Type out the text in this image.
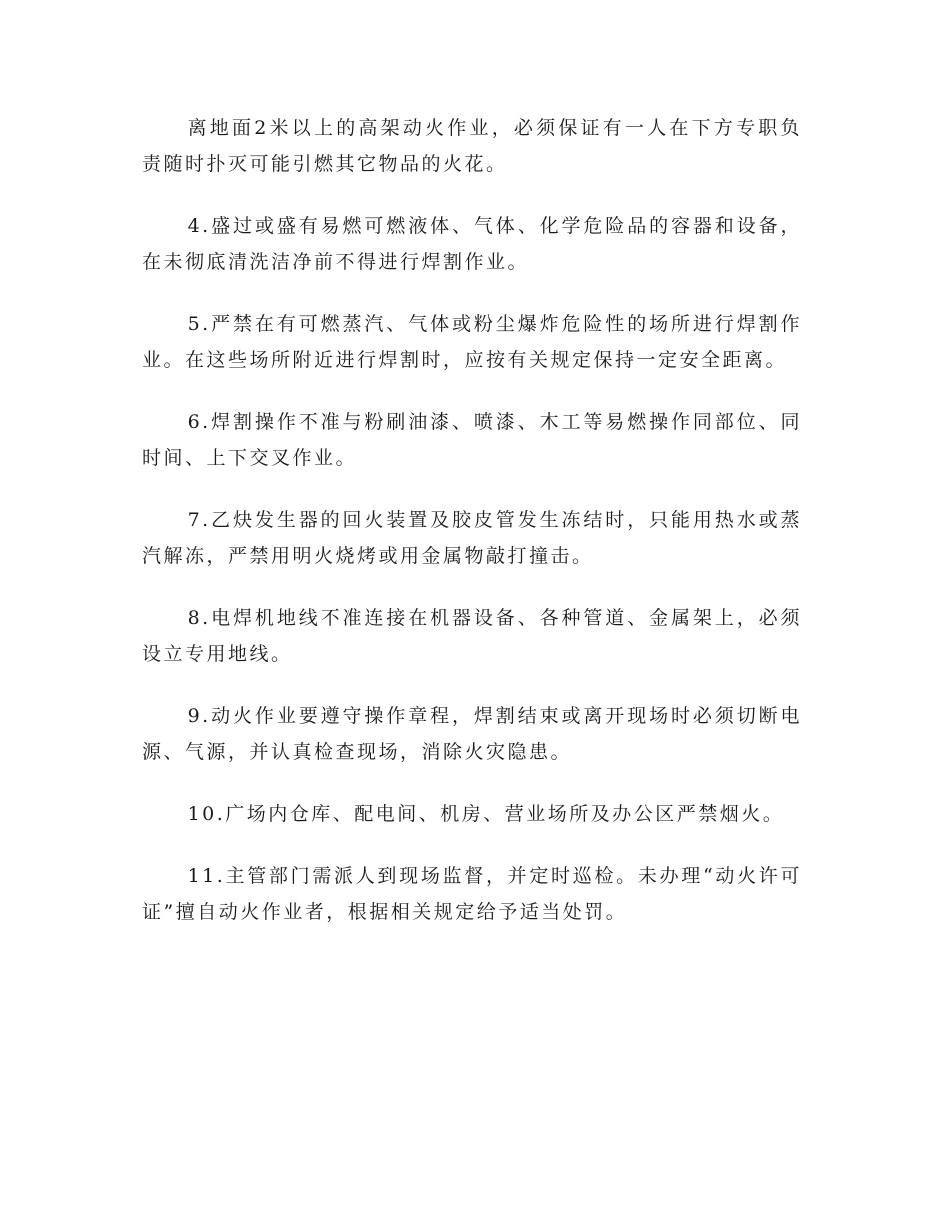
离地面2米以上的高架动火作业，必须保证有一人在下方专职负责随时扑灭可能引燃其它物品的火花。

4.盛过或盛有易燃可燃液体、气体、化学危险品的容器和设备，在未彻底清洗洁净前不得进行焊割作业。

5.严禁在有可燃蒸汽、气体或粉尘爆炸危险性的场所进行焊割作业。在这些场所附近进行焊割时，应按有关规定保持一定安全距离。

6.焊割操作不准与粉刷油漆、喷漆、木工等易燃操作同部位、同时间、上下交叉作业。

7.乙炔发生器的回火装置及胶皮管发生冻结时，只能用热水或蒸汽解冻，严禁用明火烧烤或用金属物敲打撞击。

8.电焊机地线不准连接在机器设备、各种管道、金属架上，必须设立专用地线。

9.动火作业要遵守操作章程，焊割结束或离开现场时必须切断电源、气源，并认真检查现场，消除火灾隐患。

10.广场内仓库、配电间、机房、营业场所及办公区严禁烟火。

11.主管部门需派人到现场监督，并定时巡检。未办理“动火许可证”擅自动火作业者，根据相关规定给予适当处罚。
